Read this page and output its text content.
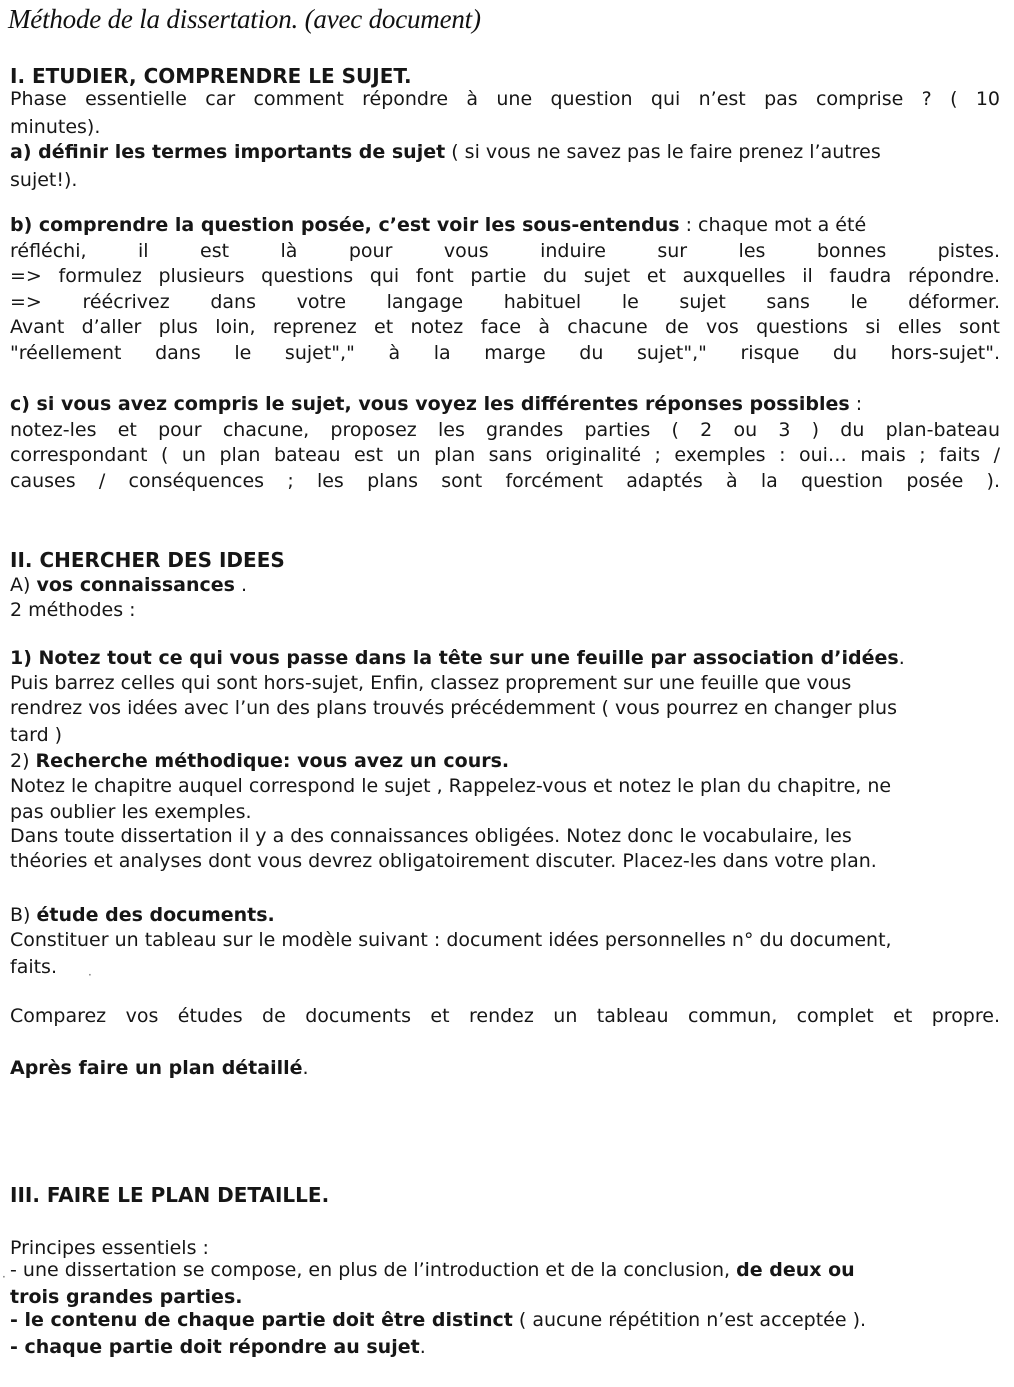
Méthode de la dissertation. (avec document)
I. ETUDIER, COMPRENDRE LE SUJET.
Phase essentielle car comment répondre à une question qui n’est pas comprise ? ( 10
minutes).
a) définir les termes importants de sujet ( si vous ne savez pas le faire prenez l’autres
sujet!).
b) comprendre la question posée, c’est voir les sous-entendus : chaque mot a été
réfléchi, il est là pour vous induire sur les bonnes pistes.
=> formulez plusieurs questions qui font partie du sujet et auxquelles il faudra répondre.
=> réécrivez dans votre langage habituel le sujet sans le déformer.
Avant d’aller plus loin, reprenez et notez face à chacune de vos questions si elles sont
"réellement dans le sujet"," à la marge du sujet"," risque du hors-sujet".
c) si vous avez compris le sujet, vous voyez les différentes réponses possibles :
notez-les et pour chacune, proposez les grandes parties ( 2 ou 3 ) du plan-bateau
correspondant ( un plan bateau est un plan sans originalité ; exemples : oui… mais ; faits /
causes / conséquences ; les plans sont forcément adaptés à la question posée ).
II. CHERCHER DES IDEES
A) vos connaissances .
2 méthodes :
1) Notez tout ce qui vous passe dans la tête sur une feuille par association d’idées.
Puis barrez celles qui sont hors-sujet, Enfin, classez proprement sur une feuille que vous
rendrez vos idées avec l’un des plans trouvés précédemment ( vous pourrez en changer plus
tard )
2) Recherche méthodique: vous avez un cours.
Notez le chapitre auquel correspond le sujet , Rappelez-vous et notez le plan du chapitre, ne
pas oublier les exemples.
Dans toute dissertation il y a des connaissances obligées. Notez donc le vocabulaire, les
théories et analyses dont vous devrez obligatoirement discuter. Placez-les dans votre plan.
B) étude des documents.
Constituer un tableau sur le modèle suivant : document idées personnelles n° du document,
faits.	·
Comparez vos études de documents et rendez un tableau commun, complet et propre.
Après faire un plan détaillé.
III. FAIRE LE PLAN DETAILLE.
Principes essentiels :
· - une dissertation se compose, en plus de l’introduction et de la conclusion, de deux ou
trois grandes parties.
- le contenu de chaque partie doit être distinct ( aucune répétition n’est acceptée ).
- chaque partie doit répondre au sujet.
